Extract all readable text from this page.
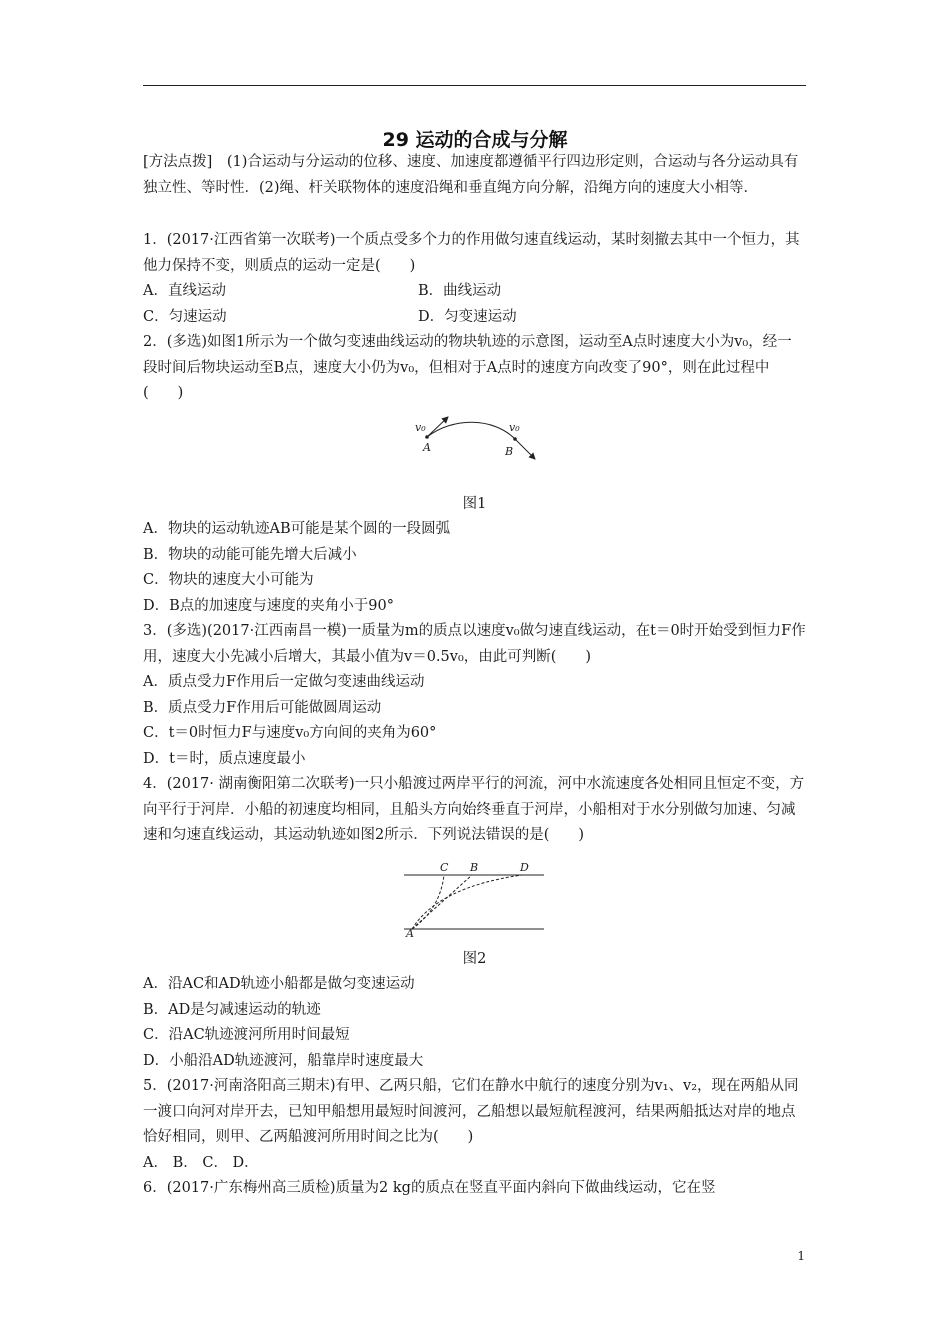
29 运动的合成与分解

[方法点拨]　(1)合运动与分运动的位移、速度、加速度都遵循平行四边形定则，合运动与各分运动具有独立性、等时性．(2)绳、杆关联物体的速度沿绳和垂直绳方向分解，沿绳方向的速度大小相等．

1．(2017·江西省第一次联考)一个质点受多个力的作用做匀速直线运动，某时刻撤去其中一个恒力，其他力保持不变，则质点的运动一定是(　　)

A．直线运动	B．曲线运动
C．匀速运动	D．匀变速运动

2．(多选)如图1所示为一个做匀变速曲线运动的物块轨迹的示意图，运动至A点时速度大小为v₀，经一段时间后物块运动至B点，速度大小仍为v₀，但相对于A点时的速度方向改变了90°，则在此过程中(　　)

v₀
A
v₀
B

图1

A．物块的运动轨迹AB可能是某个圆的一段圆弧

B．物块的动能可能先增大后减小

C．物块的速度大小可能为

D．B点的加速度与速度的夹角小于90°

3．(多选)(2017·江西南昌一模)一质量为m的质点以速度v₀做匀速直线运动，在t＝0时开始受到恒力F作用，速度大小先减小后增大，其最小值为v＝0.5v₀，由此可判断(　　)

A．质点受力F作用后一定做匀变速曲线运动

B．质点受力F作用后可能做圆周运动

C．t＝0时恒力F与速度v₀方向间的夹角为60°

D．t＝时，质点速度最小

4．(2017· 湖南衡阳第二次联考)一只小船渡过两岸平行的河流，河中水流速度各处相同且恒定不变，方向平行于河岸．小船的初速度均相同，且船头方向始终垂直于河岸，小船相对于水分别做匀加速、匀减速和匀速直线运动，其运动轨迹如图2所示．下列说法错误的是(　　)

C B	D
A

图2

A．沿AC和AD轨迹小船都是做匀变速运动

B．AD是匀减速运动的轨迹

C．沿AC轨迹渡河所用时间最短

D．小船沿AD轨迹渡河，船靠岸时速度最大

5．(2017·河南洛阳高三期末)有甲、乙两只船，它们在静水中航行的速度分别为v₁、v₂，现在两船从同一渡口向河对岸开去，已知甲船想用最短时间渡河，乙船想以最短航程渡河，结果两船抵达对岸的地点恰好相同，则甲、乙两船渡河所用时间之比为(　　)

A． B． C． D．

6．(2017·广东梅州高三质检)质量为2 kg的质点在竖直平面内斜向下做曲线运动，它在竖

1
